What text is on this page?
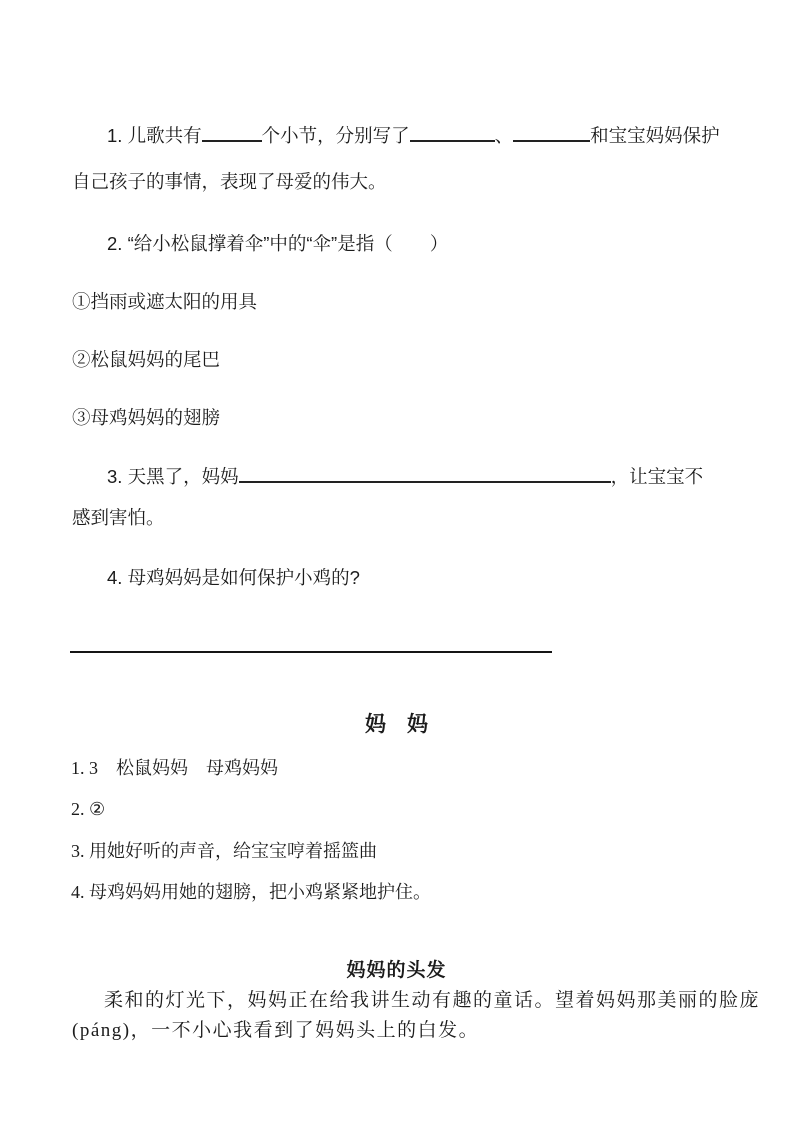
1. 儿歌共有	个小节，分别写了	、	和宝宝妈妈保护
自己孩子的事情，表现了母爱的伟大。
2. “给小松鼠撑着伞”中的“伞”是指（　　）
①挡雨或遮太阳的用具
②松鼠妈妈的尾巴
③母鸡妈妈的翅膀
3. 天黑了，妈妈	，让宝宝不
感到害怕。
4. 母鸡妈妈是如何保护小鸡的?
妈　妈
1. 3　松鼠妈妈　母鸡妈妈
2. ②
3. 用她好听的声音，给宝宝哼着摇篮曲
4. 母鸡妈妈用她的翅膀，把小鸡紧紧地护住。
妈妈的头发
柔和的灯光下，妈妈正在给我讲生动有趣的童话。望着妈妈那美丽的脸庞
(páng)，一不小心我看到了妈妈头上的白发。
